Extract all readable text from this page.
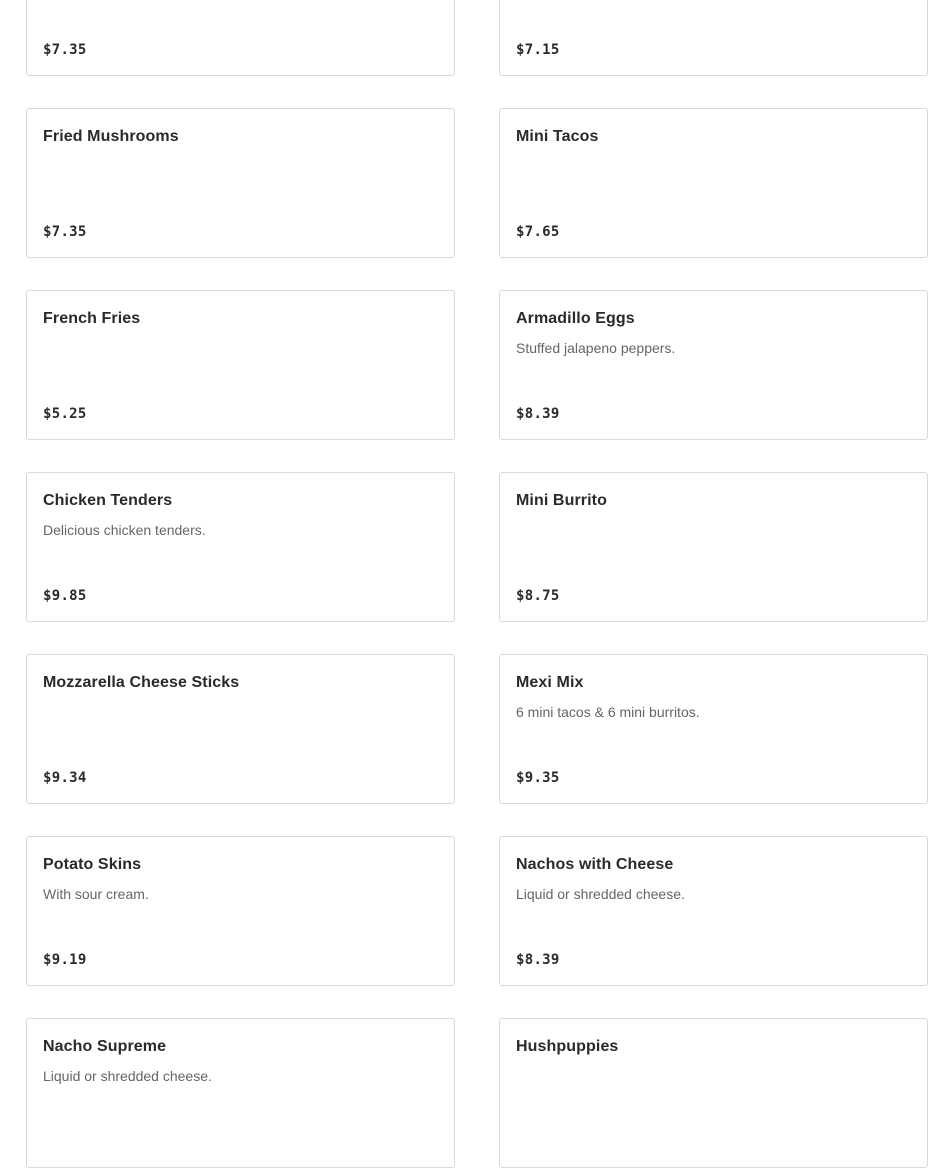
$7.35	$7.15
Fried Mushrooms
$7.35
Mini Tacos
$7.65
French Fries
$5.25
Armadillo Eggs
Stuffed jalapeno peppers.
$8.39
Chicken Tenders
Delicious chicken tenders.
$9.85
Mini Burrito
$8.75
Mozzarella Cheese Sticks
$9.34
Mexi Mix
6 mini tacos & 6 mini burritos.
$9.35
Potato Skins
With sour cream.
$9.19
Nachos with Cheese
Liquid or shredded cheese.
$8.39
Nacho Supreme
Liquid or shredded cheese.
Hushpuppies
